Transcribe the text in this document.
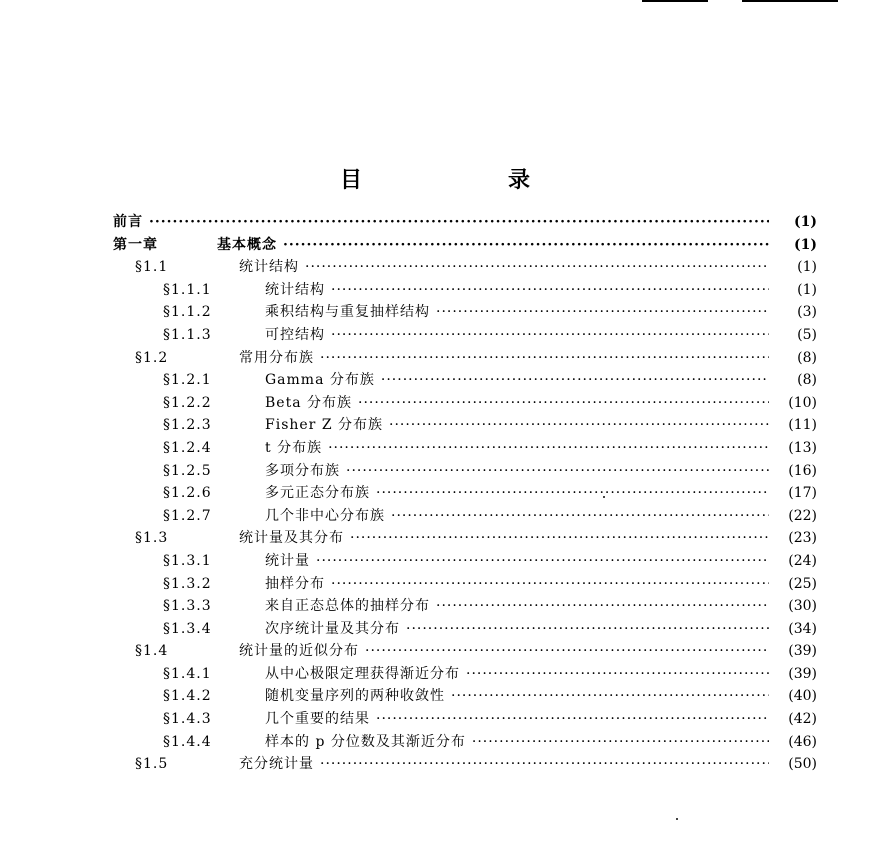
目　录
前言 ·····	(1)
第一章	基本概念 ·····	(1)
§1.1	统计结构 ·····	(1)
§1.1.1	统计结构 ·····	(1)
§1.1.2	乘积结构与重复抽样结构 ·····	(3)
§1.1.3	可控结构 ·····	(5)
§1.2	常用分布族 ·····	(8)
§1.2.1	Gamma 分布族 ·····	(8)
§1.2.2	Beta 分布族 ·····	(10)
§1.2.3	Fisher Z 分布族 ·····	(11)
§1.2.4	t 分布族 ·····	(13)
§1.2.5	多项分布族 ·····	(16)
§1.2.6	多元正态分布族 ·····	(17)
§1.2.7	几个非中心分布族 ·····	(22)
§1.3	统计量及其分布 ·····	(23)
§1.3.1	统计量 ·····	(24)
§1.3.2	抽样分布 ·····	(25)
§1.3.3	来自正态总体的抽样分布 ·····	(30)
§1.3.4	次序统计量及其分布 ·····	(34)
§1.4	统计量的近似分布 ·····	(39)
§1.4.1	从中心极限定理获得渐近分布 ·····	(39)
§1.4.2	随机变量序列的两种收敛性 ·····	(40)
§1.4.3	几个重要的结果 ·····	(42)
§1.4.4	样本的 p 分位数及其渐近分布 ·····	(46)
§1.5	充分统计量 ·····	(50)
